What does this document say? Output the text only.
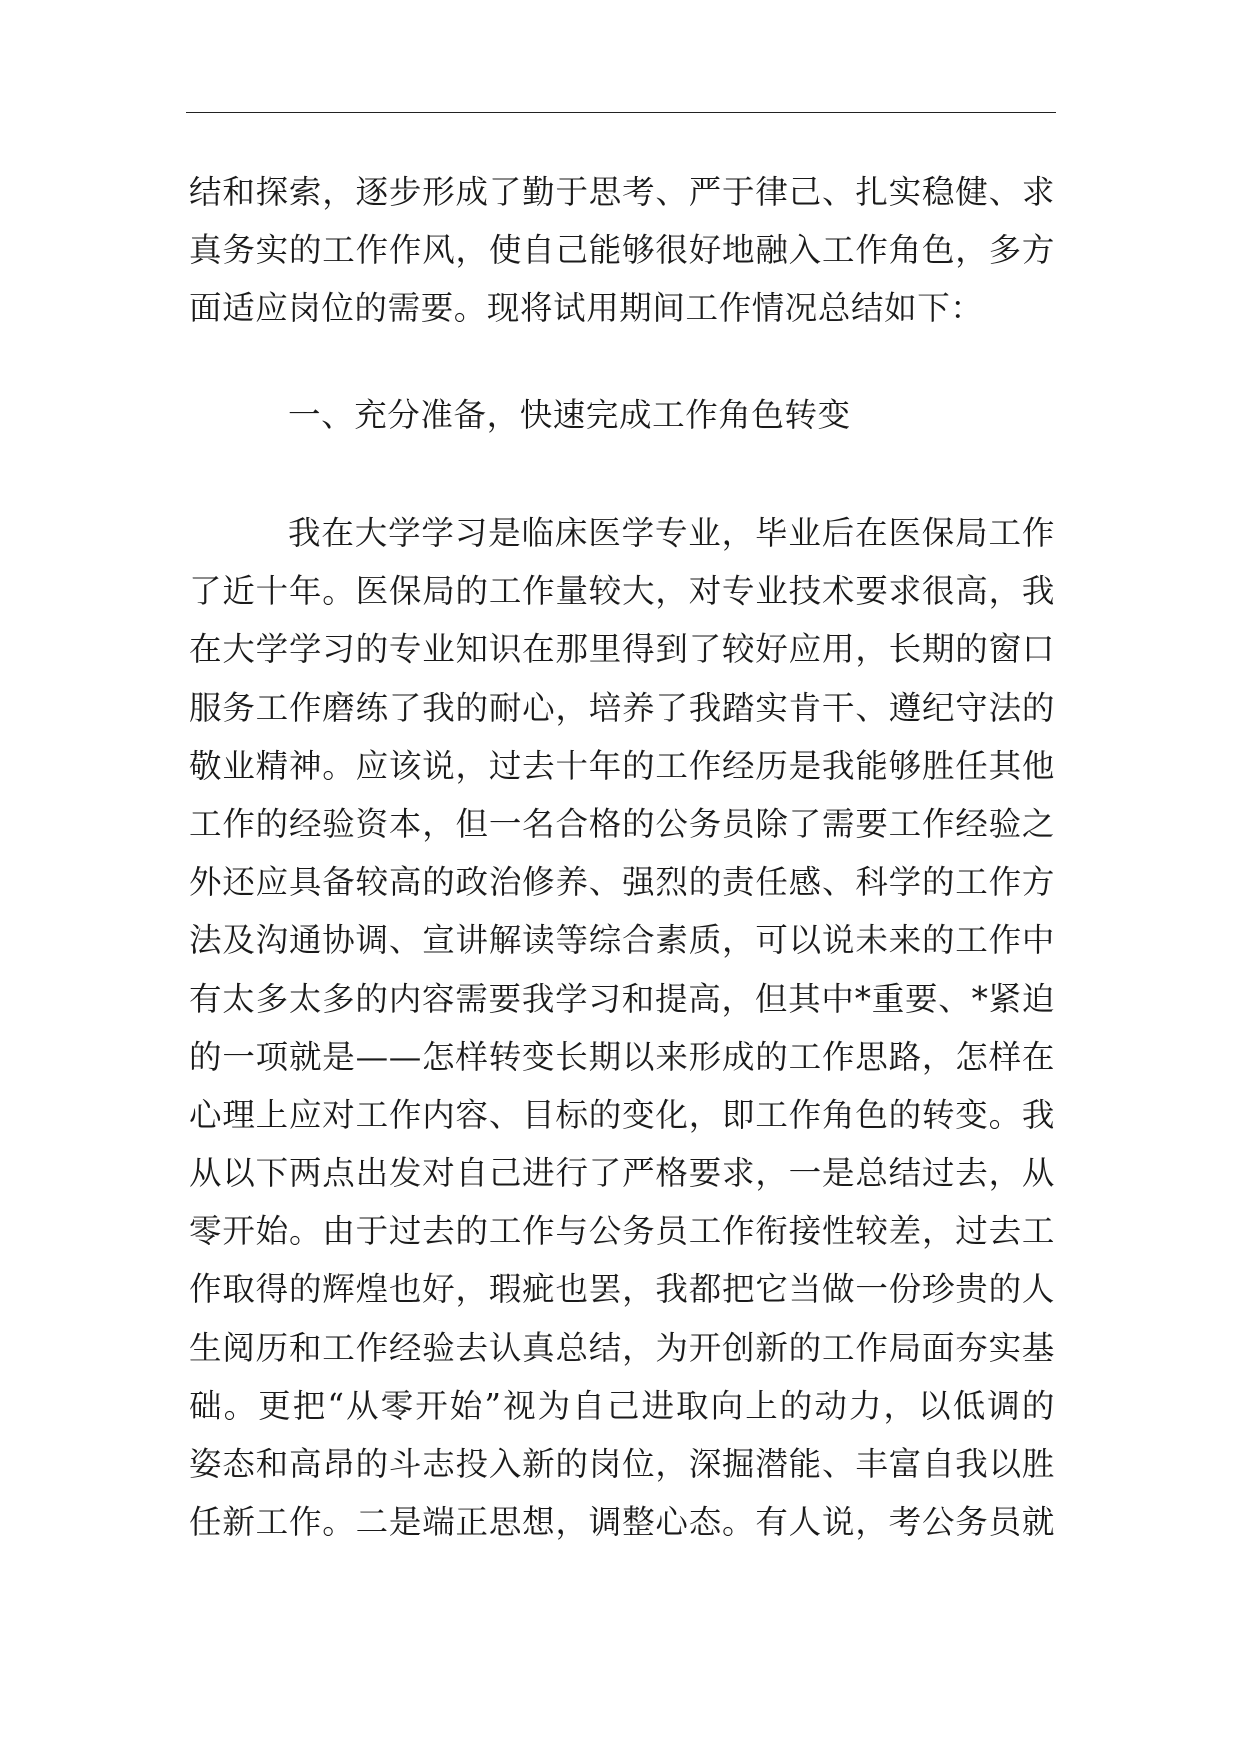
结和探索，逐步形成了勤于思考、严于律己、扎实稳健、求
真务实的工作作风，使自己能够很好地融入工作角色，多方
面适应岗位的需要。现将试用期间工作情况总结如下：
一、充分准备，快速完成工作角色转变
我在大学学习是临床医学专业，毕业后在医保局工作
了近十年。医保局的工作量较大，对专业技术要求很高，我
在大学学习的专业知识在那里得到了较好应用，长期的窗口
服务工作磨练了我的耐心，培养了我踏实肯干、遵纪守法的
敬业精神。应该说，过去十年的工作经历是我能够胜任其他
工作的经验资本，但一名合格的公务员除了需要工作经验之
外还应具备较高的政治修养、强烈的责任感、科学的工作方
法及沟通协调、宣讲解读等综合素质，可以说未来的工作中
有太多太多的内容需要我学习和提高，但其中*重要、*紧迫
的一项就是——怎样转变长期以来形成的工作思路，怎样在
心理上应对工作内容、目标的变化，即工作角色的转变。我
从以下两点出发对自己进行了严格要求，一是总结过去，从
零开始。由于过去的工作与公务员工作衔接性较差，过去工
作取得的辉煌也好，瑕疵也罢，我都把它当做一份珍贵的人
生阅历和工作经验去认真总结，为开创新的工作局面夯实基
础。更把“从零开始”视为自己进取向上的动力，以低调的
姿态和高昂的斗志投入新的岗位，深掘潜能、丰富自我以胜
任新工作。二是端正思想，调整心态。有人说，考公务员就
